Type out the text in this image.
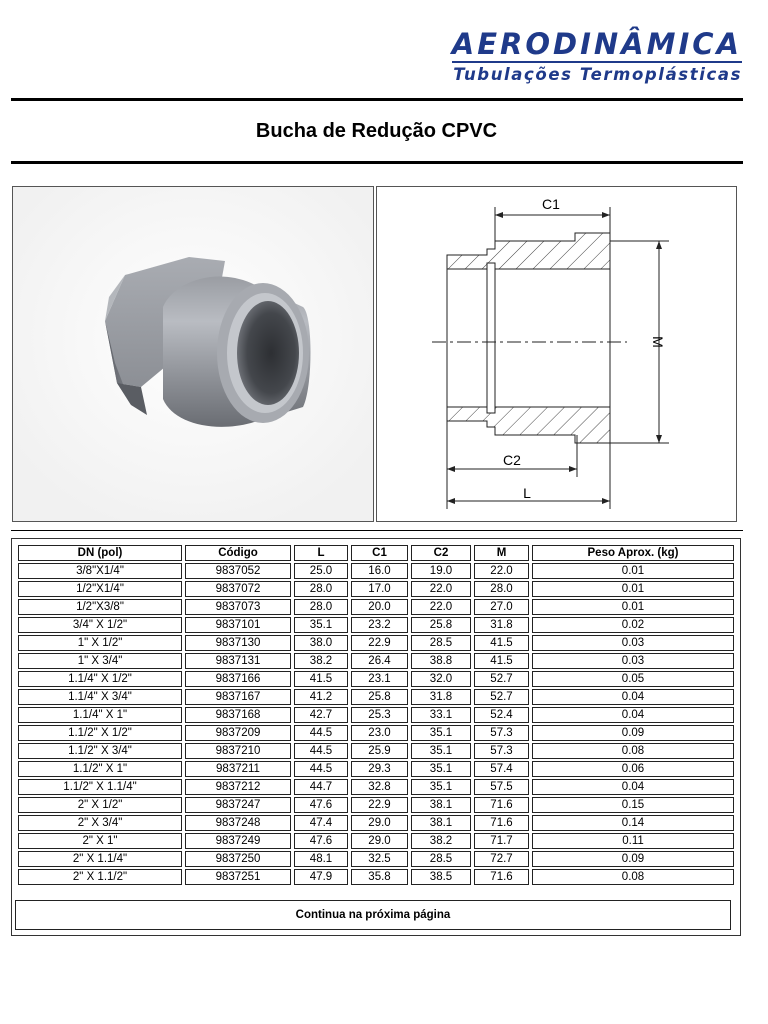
AERODINÂMICA
Tubulações Termoplásticas
Bucha de Redução CPVC
C1
C2
L
M
DN (pol)	Código	L	C1	C2	M	Peso Aprox. (kg)
3/8"X1/4"	9837052	25.0	16.0	19.0	22.0	0.01
1/2"X1/4"	9837072	28.0	17.0	22.0	28.0	0.01
1/2"X3/8"	9837073	28.0	20.0	22.0	27.0	0.01
3/4" X 1/2"	9837101	35.1	23.2	25.8	31.8	0.02
1" X 1/2"	9837130	38.0	22.9	28.5	41.5	0.03
1" X 3/4"	9837131	38.2	26.4	38.8	41.5	0.03
1.1/4" X 1/2"	9837166	41.5	23.1	32.0	52.7	0.05
1.1/4" X 3/4"	9837167	41.2	25.8	31.8	52.7	0.04
1.1/4" X 1"	9837168	42.7	25.3	33.1	52.4	0.04
1.1/2" X 1/2"	9837209	44.5	23.0	35.1	57.3	0.09
1.1/2" X 3/4"	9837210	44.5	25.9	35.1	57.3	0.08
1.1/2" X 1"	9837211	44.5	29.3	35.1	57.4	0.06
1.1/2" X 1.1/4"	9837212	44.7	32.8	35.1	57.5	0.04
2" X 1/2"	9837247	47.6	22.9	38.1	71.6	0.15
2" X 3/4"	9837248	47.4	29.0	38.1	71.6	0.14
2" X 1"	9837249	47.6	29.0	38.2	71.7	0.11
2" X 1.1/4"	9837250	48.1	32.5	28.5	72.7	0.09
2" X 1.1/2"	9837251	47.9	35.8	38.5	71.6	0.08
Continua na próxima página
